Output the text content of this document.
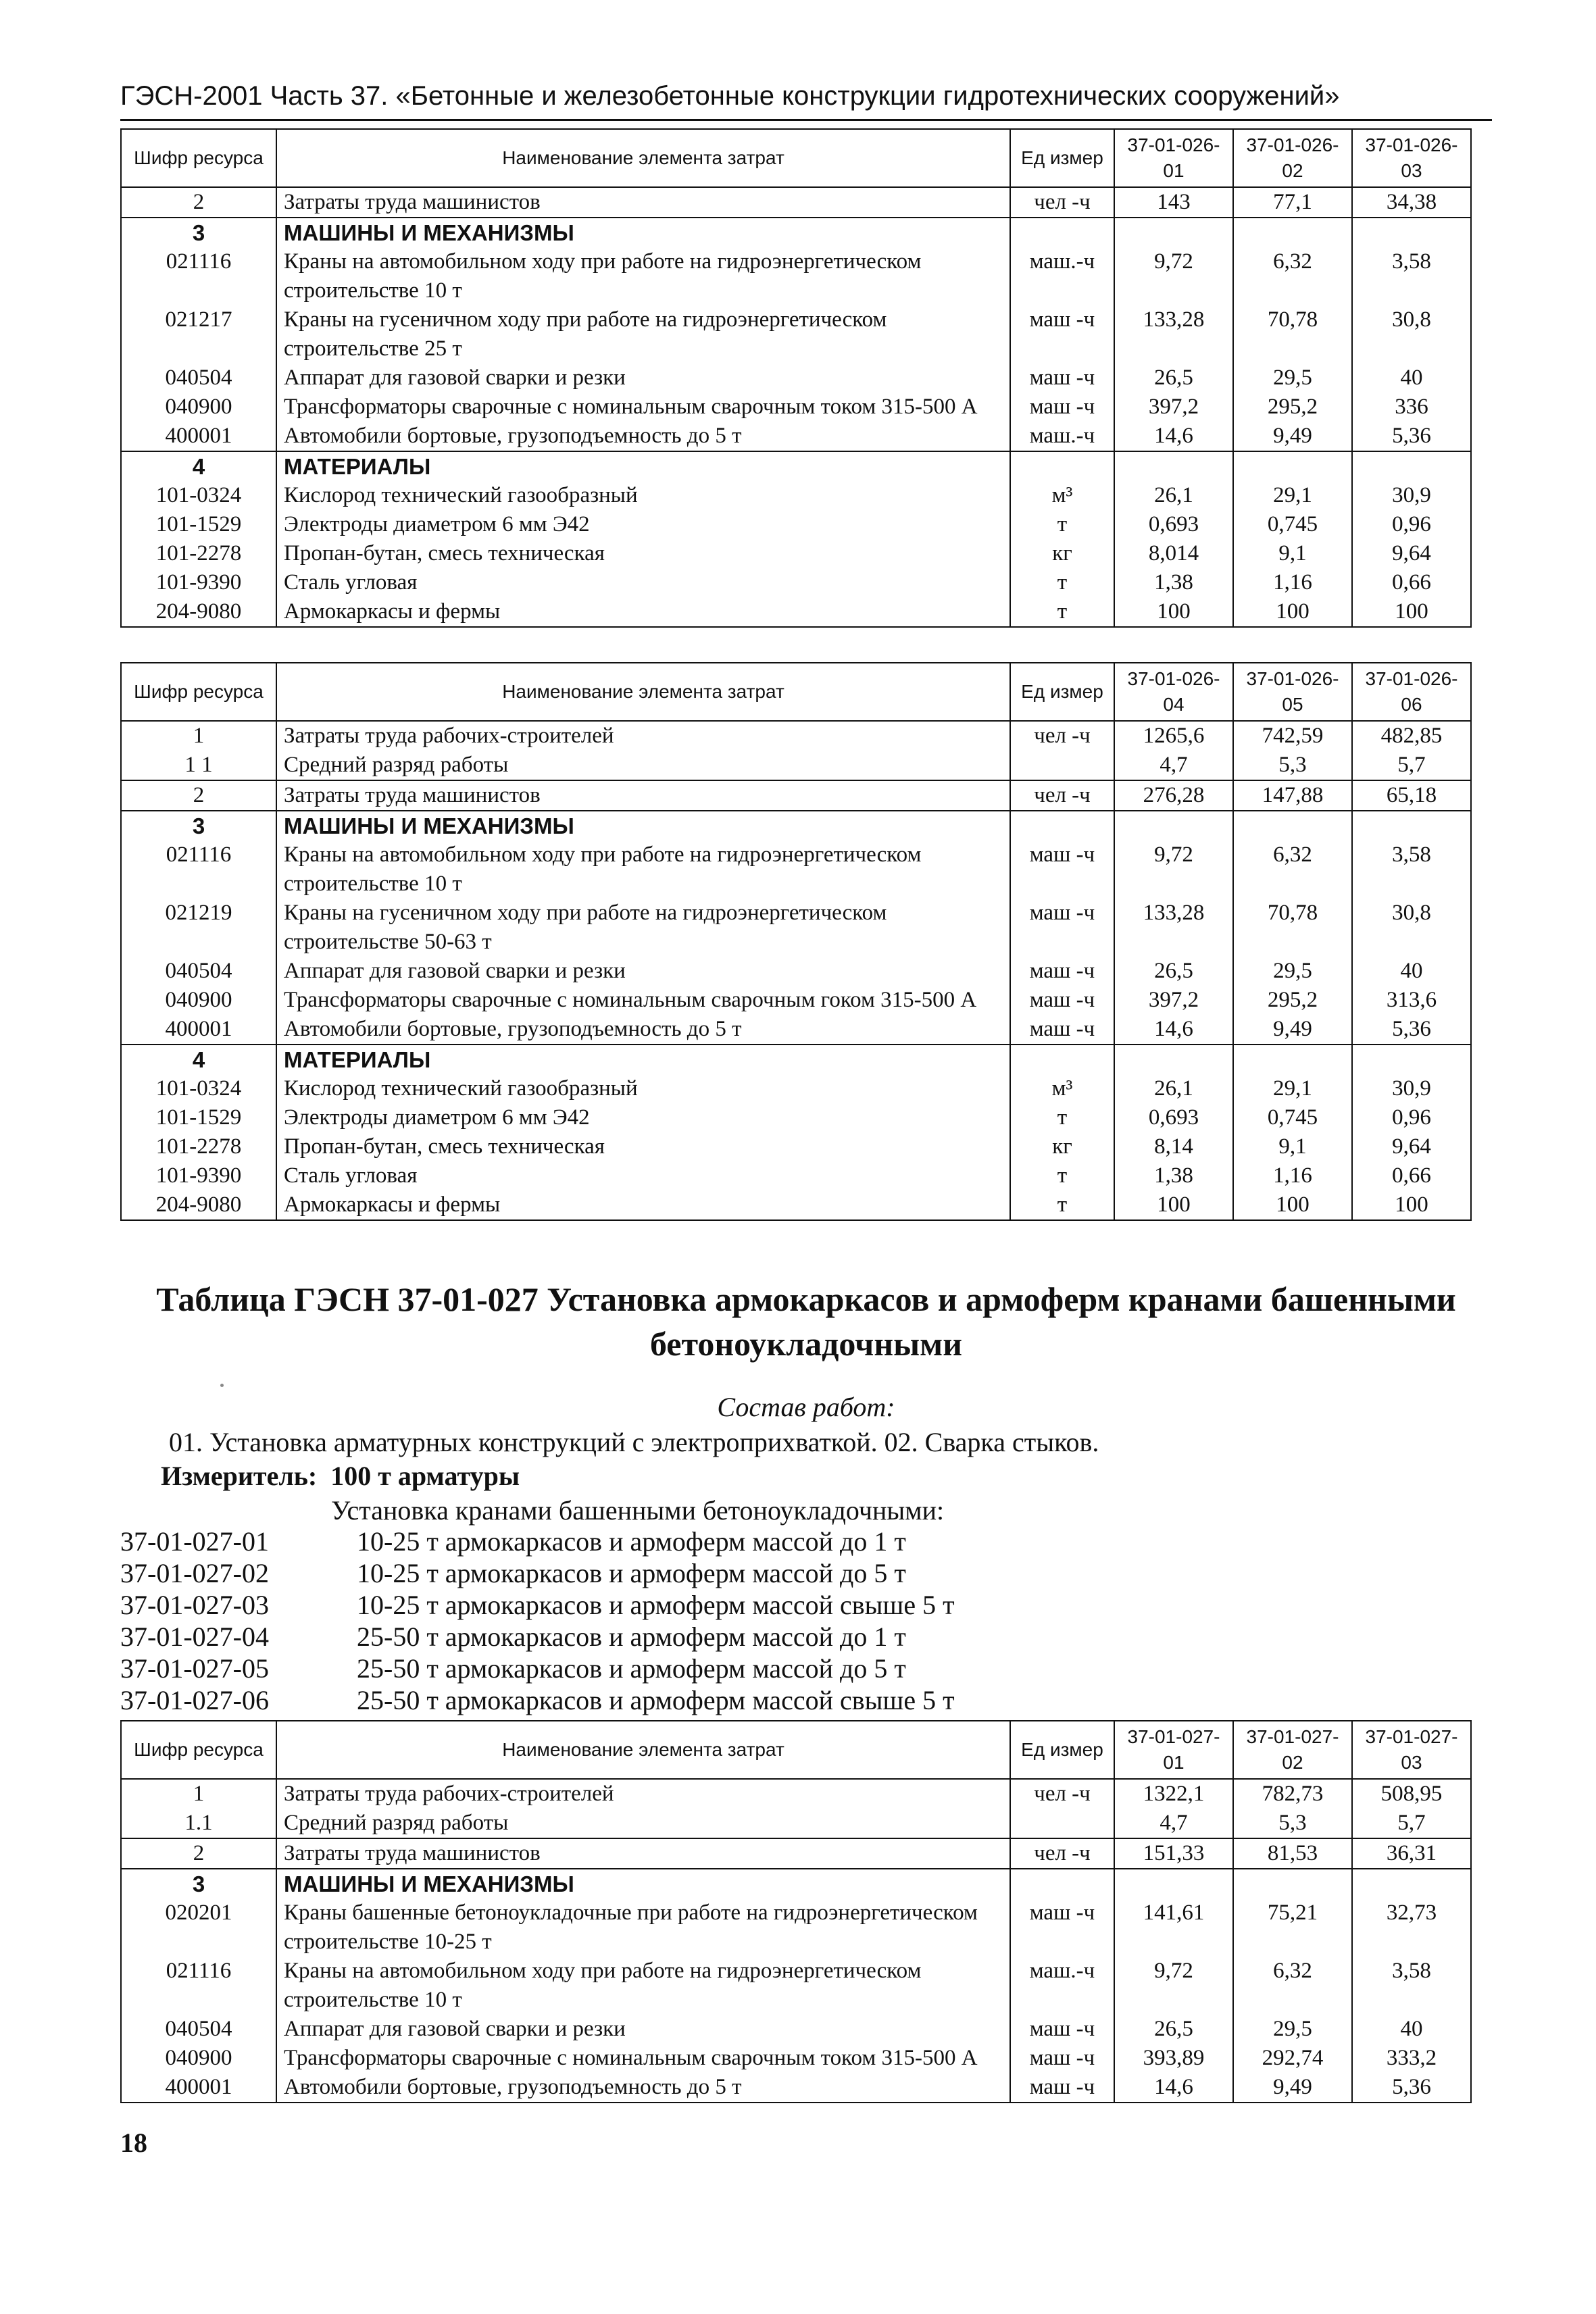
ГЭСН-2001 Часть 37. «Бетонные и железобетонные конструкции гидротехнических сооружений»
Шифр ресурса	Наименование элемента затрат	Ед измер	37-01-026-01	37-01-026-02	37-01-026-03
2	Затраты труда машинистов	чел -ч	143	77,1	34,38
3	МАШИНЫ И МЕХАНИЗМЫ				
021116	Краны на автомобильном ходу при работе на гидроэнергетическом строительстве 10 т	маш.-ч	9,72	6,32	3,58
021217	Краны на гусеничном ходу при работе на гидроэнергетическом строительстве 25 т	маш -ч	133,28	70,78	30,8
040504	Аппарат для газовой сварки и резки	маш -ч	26,5	29,5	40
040900	Трансформаторы сварочные с номинальным сварочным током 315-500 А	маш -ч	397,2	295,2	336
400001	Автомобили бортовые, грузоподъемность до 5 т	маш.-ч	14,6	9,49	5,36
4	МАТЕРИАЛЫ				
101-0324	Кислород технический газообразный	м³	26,1	29,1	30,9
101-1529	Электроды диаметром 6 мм Э42	т	0,693	0,745	0,96
101-2278	Пропан-бутан, смесь техническая	кг	8,014	9,1	9,64
101-9390	Сталь угловая	т	1,38	1,16	0,66
204-9080	Армокаркасы и фермы	т	100	100	100
Шифр ресурса	Наименование элемента затрат	Ед измер	37-01-026-04	37-01-026-05	37-01-026-06
1	Затраты труда рабочих-строителей	чел -ч	1265,6	742,59	482,85
1 1	Средний разряд работы		4,7	5,3	5,7
2	Затраты труда машинистов	чел -ч	276,28	147,88	65,18
3	МАШИНЫ И МЕХАНИЗМЫ				
021116	Краны на автомобильном ходу при работе на гидроэнергетическом строительстве 10 т	маш -ч	9,72	6,32	3,58
021219	Краны на гусеничном ходу при работе на гидроэнергетическом строительстве 50-63 т	маш -ч	133,28	70,78	30,8
040504	Аппарат для газовой сварки и резки	маш -ч	26,5	29,5	40
040900	Трансформаторы сварочные с номинальным сварочным гоком 315-500 А	маш -ч	397,2	295,2	313,6
400001	Автомобили бортовые, грузоподъемность до 5 т	маш -ч	14,6	9,49	5,36
4	МАТЕРИАЛЫ				
101-0324	Кислород технический газообразный	м³	26,1	29,1	30,9
101-1529	Электроды диаметром 6 мм Э42	т	0,693	0,745	0,96
101-2278	Пропан-бутан, смесь техническая	кг	8,14	9,1	9,64
101-9390	Сталь угловая	т	1,38	1,16	0,66
204-9080	Армокаркасы и фермы	т	100	100	100
Таблица ГЭСН 37-01-027 Установка армокаркасов и армоферм кранами башенными бетоноукладочными
Состав работ:
01. Установка арматурных конструкций с электроприхваткой. 02. Сварка стыков.
Измеритель: 100 т арматуры
Установка кранами башенными бетоноукладочными:
37-01-027-01	10-25 т армокаркасов и армоферм массой до 1 т
37-01-027-02	10-25 т армокаркасов и армоферм массой до 5 т
37-01-027-03	10-25 т армокаркасов и армоферм массой свыше 5 т
37-01-027-04	25-50 т армокаркасов и армоферм массой до 1 т
37-01-027-05	25-50 т армокаркасов и армоферм массой до 5 т
37-01-027-06	25-50 т армокаркасов и армоферм массой свыше 5 т
Шифр ресурса	Наименование элемента затрат	Ед измер	37-01-027-01	37-01-027-02	37-01-027-03
1	Затраты труда рабочих-строителей	чел -ч	1322,1	782,73	508,95
1.1	Средний разряд работы		4,7	5,3	5,7
2	Затраты труда машинистов	чел -ч	151,33	81,53	36,31
3	МАШИНЫ И МЕХАНИЗМЫ				
020201	Краны башенные бетоноукладочные при работе на гидроэнергетическом строительстве 10-25 т	маш -ч	141,61	75,21	32,73
021116	Краны на автомобильном ходу при работе на гидроэнергетическом строительстве 10 т	маш.-ч	9,72	6,32	3,58
040504	Аппарат для газовой сварки и резки	маш -ч	26,5	29,5	40
040900	Трансформаторы сварочные с номинальным сварочным током 315-500 А	маш -ч	393,89	292,74	333,2
400001	Автомобили бортовые, грузоподъемность до 5 т	маш -ч	14,6	9,49	5,36
18
